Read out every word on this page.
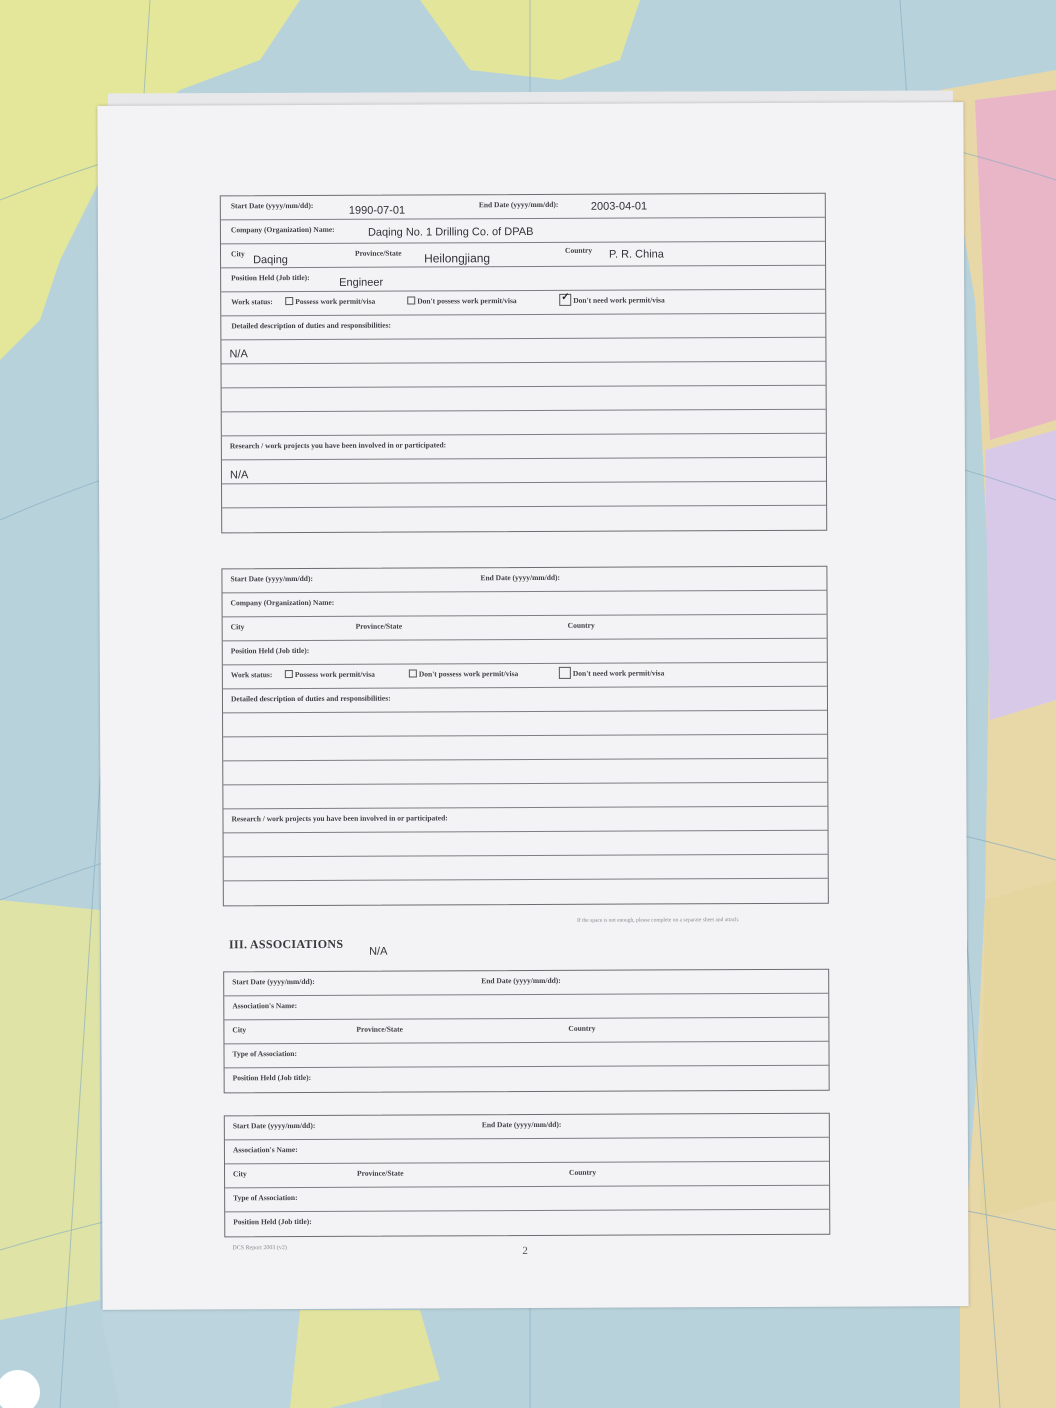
Start Date (yyyy/mm/dd):	1990-07-01	End Date (yyyy/mm/dd):	2003-04-01
Company (Organization) Name:	Daqing No. 1 Drilling Co. of DPAB
City
Daqing
Province/State Heilongjiang
Country P. R. China
Position Held (Job title):	Engineer
Work status:	Possess work permit/visa	Don't possess work permit/visa
✓	Don't need work permit/visa
Detailed description of duties and responsibilities:
N/A
Research / work projects you have been involved in or participated:
N/A
Start Date (yyyy/mm/dd):	End Date (yyyy/mm/dd):
Company (Organization) Name:
City	Province/State	Country
Position Held (Job title):
Work status:	Possess work permit/visa	Don't possess work permit/visa	Don't need work permit/visa
Detailed description of duties and responsibilities:
Research / work projects you have been involved in or participated:
If the space is not enough, please complete on a separate sheet and attach.
III. ASSOCIATIONS
N/A
Start Date (yyyy/mm/dd):	End Date (yyyy/mm/dd):
Association's Name:
City	Province/State	Country
Type of Association:
Position Held (Job title):
Start Date (yyyy/mm/dd):	End Date (yyyy/mm/dd):
Association's Name:
City	Province/State	Country
Type of Association:
Position Held (Job title):
DCS Report 2003 (v2)	2
